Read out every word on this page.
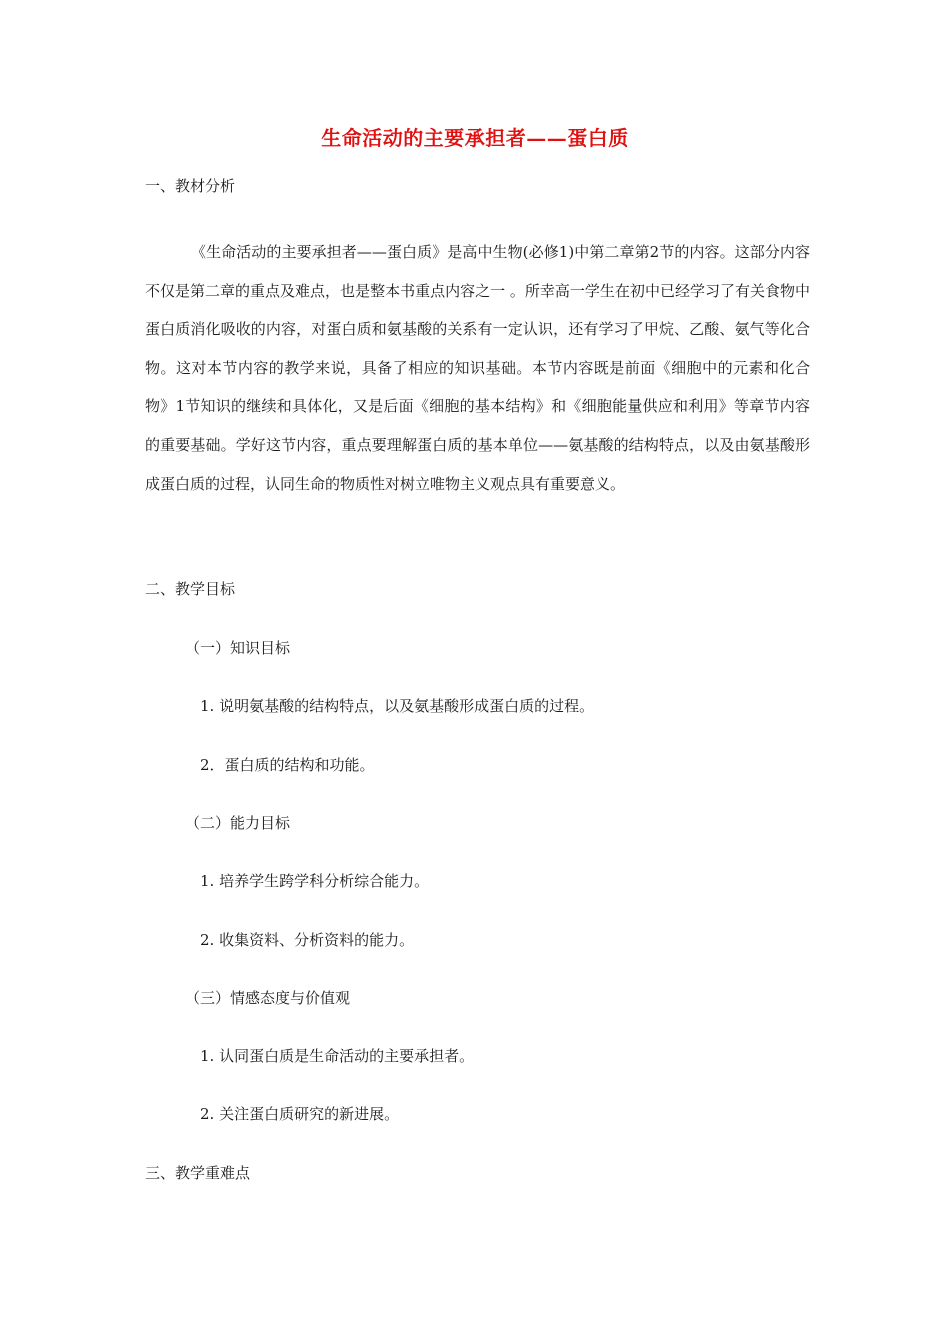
生命活动的主要承担者——蛋白质
一、教材分析
《生命活动的主要承担者——蛋白质》是高中生物(必修1)中第二章第2节的内容。这部分内容不仅是第二章的重点及难点，也是整本书重点内容之一 。所幸高一学生在初中已经学习了有关食物中蛋白质消化吸收的内容，对蛋白质和氨基酸的关系有一定认识，还有学习了甲烷、乙酸、氨气等化合物。这对本节内容的教学来说，具备了相应的知识基础。本节内容既是前面《细胞中的元素和化合物》1节知识的继续和具体化，又是后面《细胞的基本结构》和《细胞能量供应和利用》等章节内容的重要基础。学好这节内容，重点要理解蛋白质的基本单位——氨基酸的结构特点，以及由氨基酸形成蛋白质的过程，认同生命的物质性对树立唯物主义观点具有重要意义。
二、教学目标
（一）知识目标
1. 说明氨基酸的结构特点，以及氨基酸形成蛋白质的过程。
2．蛋白质的结构和功能。
（二）能力目标
1. 培养学生跨学科分析综合能力。
2. 收集资料、分析资料的能力。
（三）情感态度与价值观
1. 认同蛋白质是生命活动的主要承担者。
2. 关注蛋白质研究的新进展。
三、教学重难点
